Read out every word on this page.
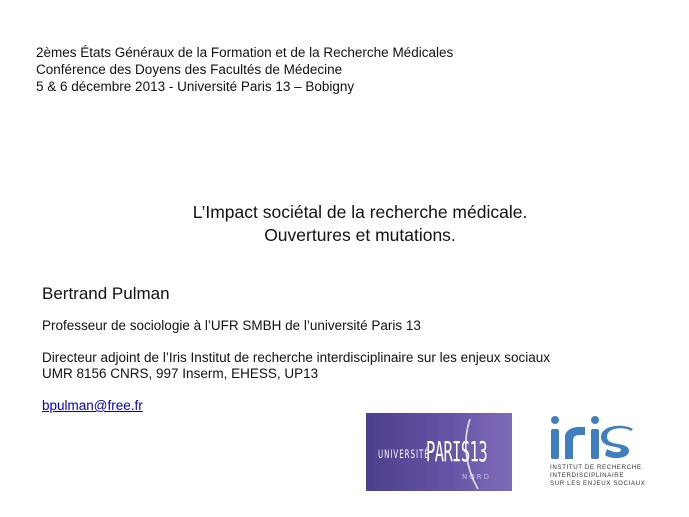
2èmes États Généraux de la Formation et de la Recherche Médicales
Conférence des Doyens des Facultés de Médecine
5 & 6 décembre 2013 - Université Paris 13 – Bobigny
L’Impact sociétal de la recherche médicale.
Ouvertures et mutations.
Bertrand Pulman
Professeur de sociologie à l’UFR SMBH de l’université Paris 13
Directeur adjoint de l’Iris Institut de recherche interdisciplinaire sur les enjeux sociaux
UMR 8156 CNRS, 997 Inserm, EHESS, UP13
bpulman@free.fr
UNIVERSITÉ
PARIS13
NORD
INSTITUT DE RECHERCHE
INTERDISCIPLINAIRE
SUR LES ENJEUX SOCIAUX
